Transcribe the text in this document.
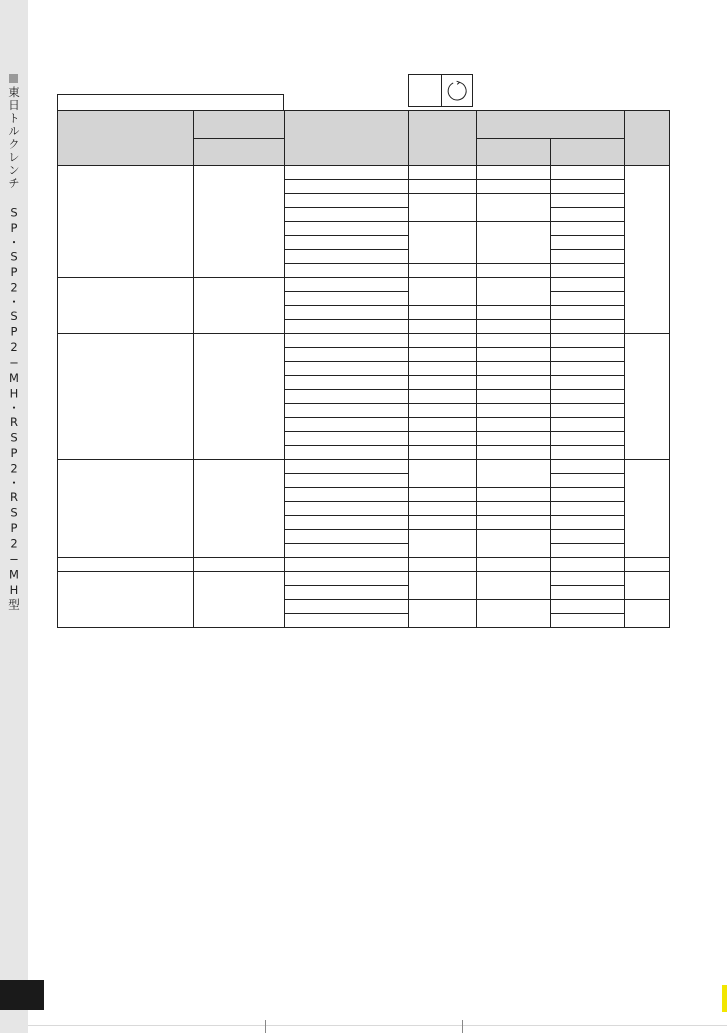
東日トルクレンチ SP・SP2・SP2−MH・RSP2・RSP2−MH型
